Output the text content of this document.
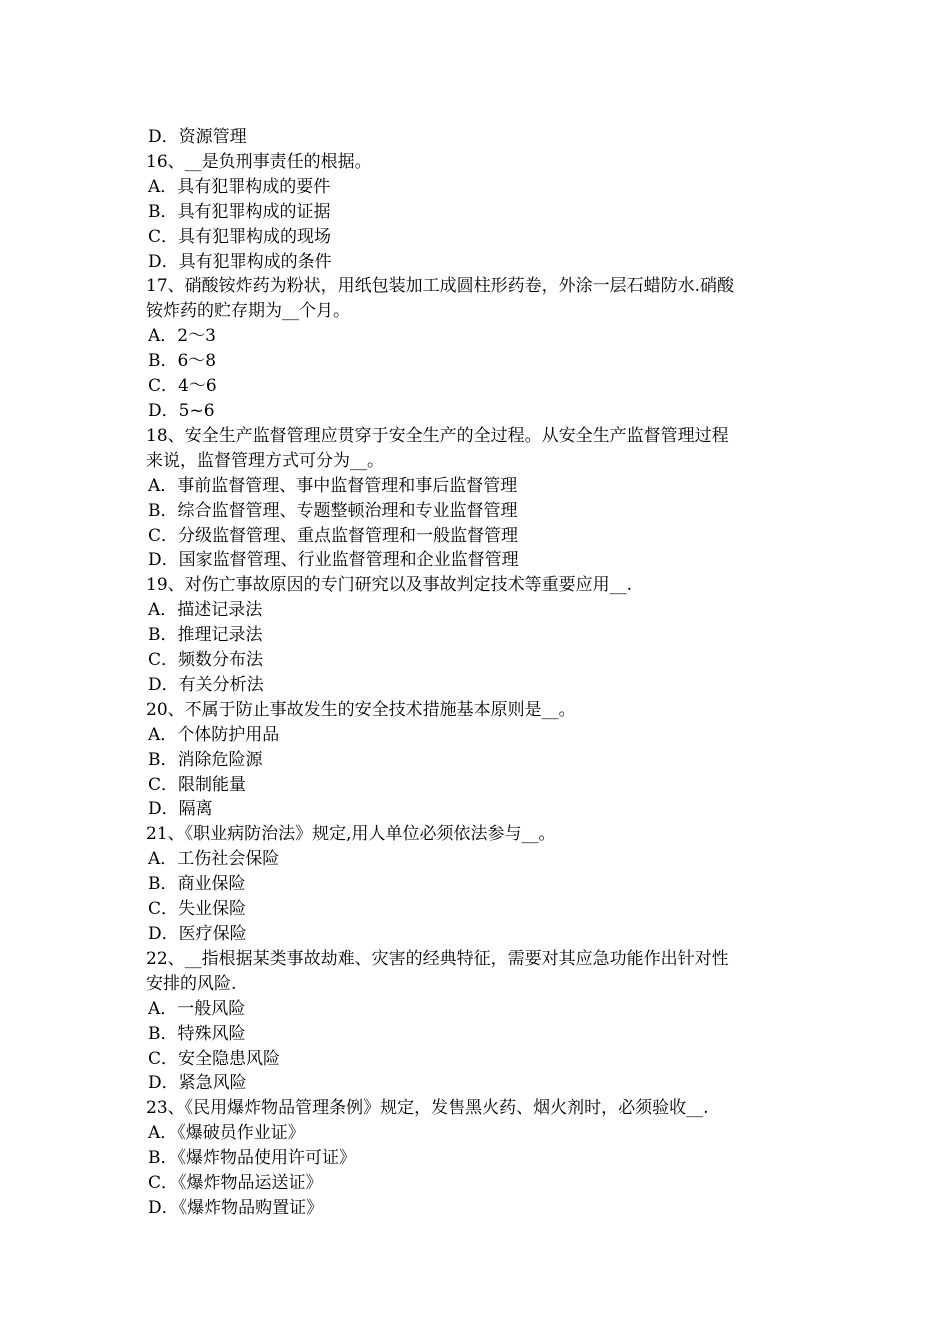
D．资源管理

16、__是负刑事责任的根据。

A．具有犯罪构成的要件

B．具有犯罪构成的证据

C．具有犯罪构成的现场

D．具有犯罪构成的条件

17、硝酸铵炸药为粉状，用纸包装加工成圆柱形药卷，外涂一层石蜡防水.硝酸

铵炸药的贮存期为__个月。

A．2～3

B．6～8

C．4～6

D．5~6

18、安全生产监督管理应贯穿于安全生产的全过程。从安全生产监督管理过程

来说，监督管理方式可分为__。

A．事前监督管理、事中监督管理和事后监督管理

B．综合监督管理、专题整顿治理和专业监督管理

C．分级监督管理、重点监督管理和一般监督管理

D．国家监督管理、行业监督管理和企业监督管理

19、对伤亡事故原因的专门研究以及事故判定技术等重要应用__.

A．描述记录法

B．推理记录法

C．频数分布法

D．有关分析法

20、不属于防止事故发生的安全技术措施基本原则是__。

A．个体防护用品

B．消除危险源

C．限制能量

D．隔离

21、《职业病防治法》规定,用人单位必须依法参与__。

A．工伤社会保险

B．商业保险

C．失业保险

D．医疗保险

22、__指根据某类事故劫难、灾害的经典特征，需要对其应急功能作出针对性

安排的风险.

A．一般风险

B．特殊风险

C．安全隐患风险

D．紧急风险

23、《民用爆炸物品管理条例》规定，发售黑火药、烟火剂时，必须验收__.

A．《爆破员作业证》

B．《爆炸物品使用许可证》

C．《爆炸物品运送证》

D．《爆炸物品购置证》
